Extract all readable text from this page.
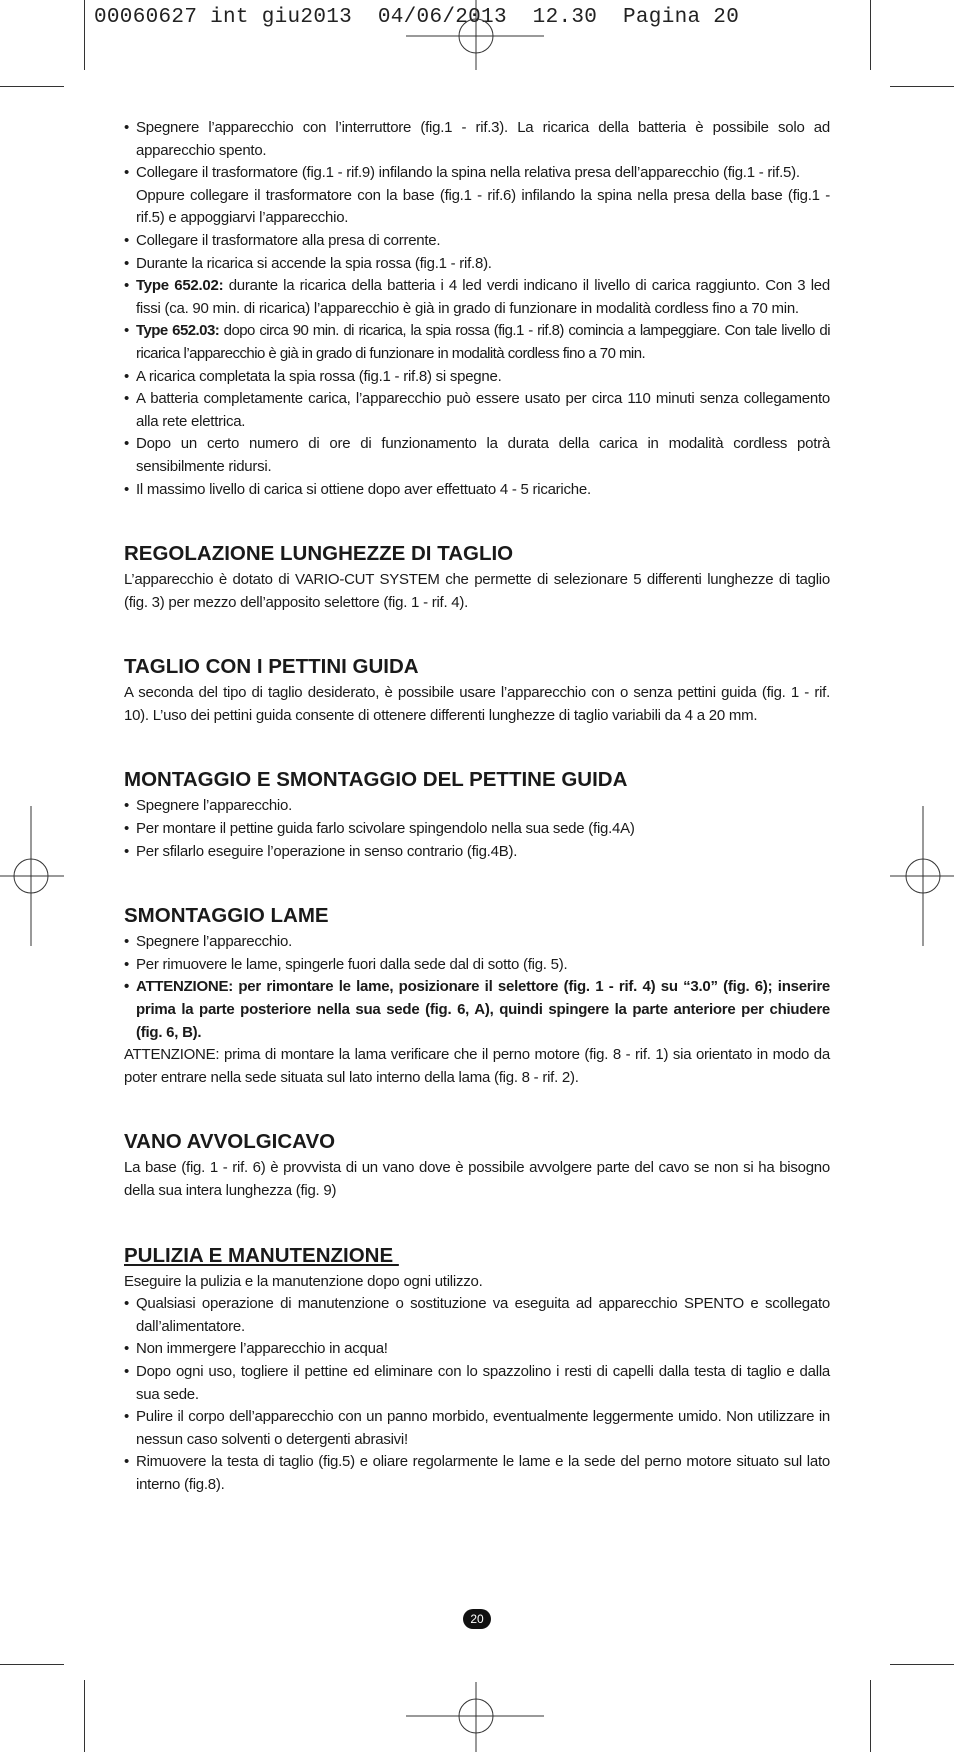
00060627 int giu2013  04/06/2013  12.30  Pagina 20
• Spegnere l’apparecchio con l’interruttore (fig.1 - rif.3). La ricarica della batteria è possibile solo ad apparecchio spento.
• Collegare il trasformatore (fig.1 - rif.9) infilando la spina nella relativa presa dell’apparecchio (fig.1 - rif.5).
Oppure collegare il trasformatore con la base (fig.1 - rif.6) infilando la spina nella presa della base (fig.1 - rif.5) e appoggiarvi l’apparecchio.
• Collegare il trasformatore alla presa di corrente.
• Durante la ricarica si accende la spia rossa (fig.1 - rif.8).
• Type 652.02: durante la ricarica della batteria i 4 led verdi indicano il livello di carica raggiunto. Con 3 led fissi (ca. 90 min. di ricarica) l’apparecchio è già in grado di funzionare in modalità cordless fino a 70 min.
• Type 652.03: dopo circa 90 min. di ricarica, la spia rossa (fig.1 - rif.8) comincia a lampeggiare. Con tale livello di ricarica l’apparecchio è già in grado di funzionare in modalità cordless fino a 70 min.
• A ricarica completata la spia rossa (fig.1 - rif.8) si spegne.
• A batteria completamente carica, l’apparecchio può essere usato per circa 110 minuti senza collegamento alla rete elettrica.
• Dopo un certo numero di ore di funzionamento la durata della carica in modalità cordless potrà sensibilmente ridursi.
• Il massimo livello di carica si ottiene dopo aver effettuato 4 - 5 ricariche.
REGOLAZIONE LUNGHEZZE DI TAGLIO

L’apparecchio è dotato di VARIO-CUT SYSTEM che permette di selezionare 5 differenti lunghezze di taglio (fig. 3) per mezzo dell’apposito selettore (fig. 1 - rif. 4).

TAGLIO CON I PETTINI GUIDA

A seconda del tipo di taglio desiderato, è possibile usare l’apparecchio con o senza pettini guida (fig. 1 - rif. 10). L’uso dei pettini guida consente di ottenere differenti lunghezze di taglio variabili da 4 a 20 mm.

MONTAGGIO E SMONTAGGIO DEL PETTINE GUIDA
• Spegnere l’apparecchio.
• Per montare il pettine guida farlo scivolare spingendolo nella sua sede (fig.4A)
• Per sfilarlo eseguire l’operazione in senso contrario (fig.4B).
SMONTAGGIO LAME
• Spegnere l’apparecchio.
• Per rimuovere le lame, spingerle fuori dalla sede dal di sotto (fig. 5).
• ATTENZIONE: per rimontare le lame, posizionare il selettore (fig. 1 - rif. 4) su “3.0” (fig. 6); inserire prima la parte posteriore nella sua sede (fig. 6, A), quindi spingere la parte anteriore per chiudere (fig. 6, B).

ATTENZIONE: prima di montare la lama verificare che il perno motore (fig. 8 - rif. 1) sia orientato in modo da poter entrare nella sede situata sul lato interno della lama (fig. 8 - rif. 2).

VANO AVVOLGICAVO

La base (fig. 1 - rif. 6) è provvista di un vano dove è possibile avvolgere parte del cavo se non si ha bisogno della sua intera lunghezza (fig. 9)

PULIZIA E MANUTENZIONE

Eseguire la pulizia e la manutenzione dopo ogni utilizzo.

• Qualsiasi operazione di manutenzione o sostituzione va eseguita ad apparecchio SPENTO e scollegato dall’alimentatore.
• Non immergere l’apparecchio in acqua!
• Dopo ogni uso, togliere il pettine ed eliminare con lo spazzolino i resti di capelli dalla testa di taglio e dalla sua sede.
• Pulire il corpo dell’apparecchio con un panno morbido, eventualmente leggermente umido. Non utilizzare in nessun caso solventi o detergenti abrasivi!
• Rimuovere la testa di taglio (fig.5) e oliare regolarmente le lame e la sede del perno motore situato sul lato interno (fig.8).
20
